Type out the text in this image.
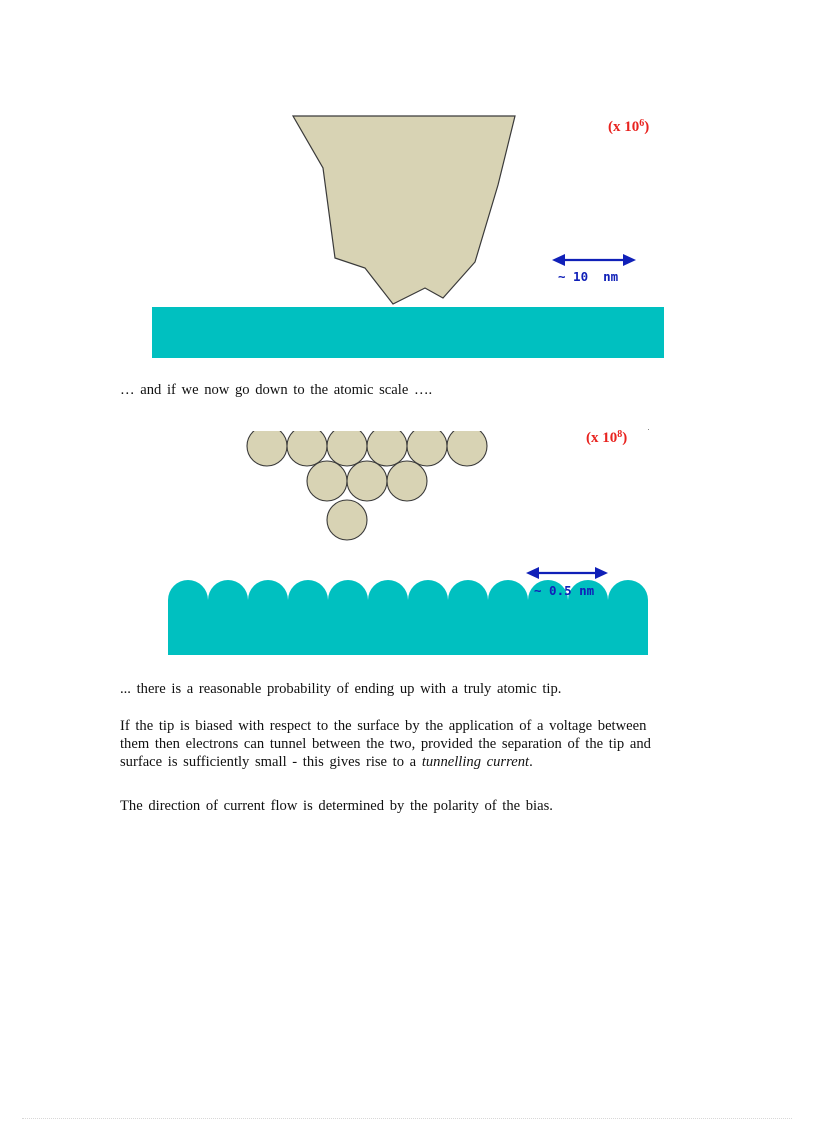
(x $10^6$)
~ 10  nm
… and if we now go down to the atomic scale ….
(x $10^8$)
~ 0.5 nm
... there is a reasonable probability of ending up with a truly atomic tip.

If the tip is biased with respect to the surface by the application of a voltage between them then electrons can tunnel between the two, provided the separation of the tip and surface is sufficiently small - this gives rise to a tunnelling current.

The direction of current flow is determined by the polarity of the bias.
